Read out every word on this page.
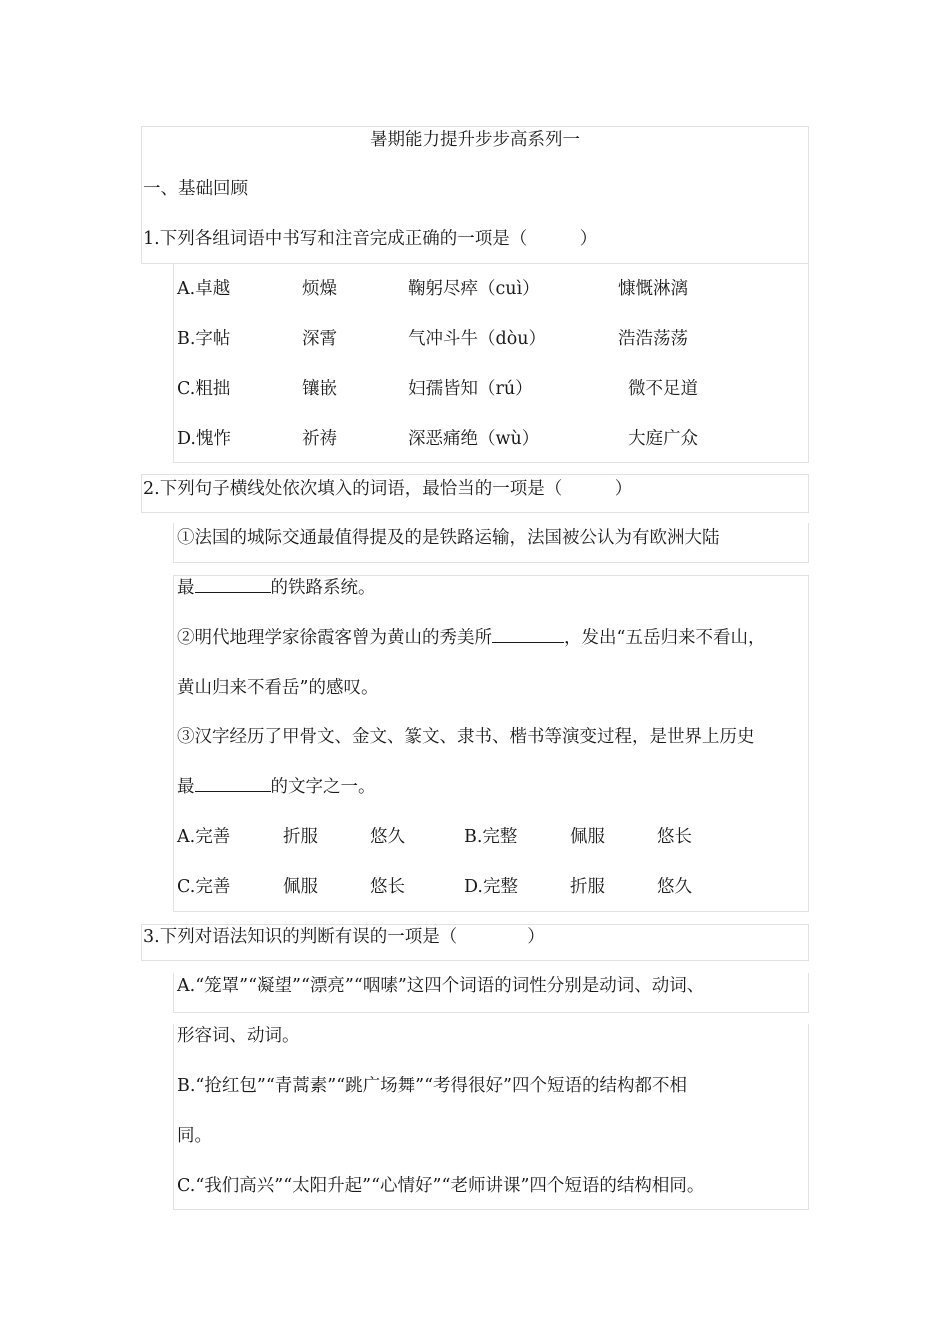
暑期能力提升步步高系列一
一、基础回顾
1.下列各组词语中书写和注音完成正确的一项是（　　　）
A.卓越	烦燥	鞠躬尽瘁（cuì）	慷慨淋漓
B.字帖	深霄	气冲斗牛（dòu）	浩浩荡荡
C.粗拙	镶嵌	妇孺皆知（rú）	微不足道
D.愧怍	祈祷	深恶痛绝（wù）	大庭广众
2.下列句子横线处依次填入的词语，最恰当的一项是（　　　）
①法国的城际交通最值得提及的是铁路运输，法国被公认为有欧洲大陆
最	的铁路系统。
②明代地理学家徐霞客曾为黄山的秀美所	，发出“五岳归来不看山，
黄山归来不看岳”的感叹。
③汉字经历了甲骨文、金文、篆文、隶书、楷书等演变过程，是世界上历史
最	的文字之一。
A.完善	折服	悠久	B.完整	佩服	悠长
C.完善	佩服	悠长	D.完整	折服	悠久
3.下列对语法知识的判断有误的一项是（　　　　）
A.“笼罩”“凝望”“漂亮”“咽嗉”这四个词语的词性分别是动词、动词、
形容词、动词。
B.“抢红包”“青蒿素”“跳广场舞”“考得很好”四个短语的结构都不相
同。
C.“我们高兴”“太阳升起”“心情好”“老师讲课”四个短语的结构相同。
